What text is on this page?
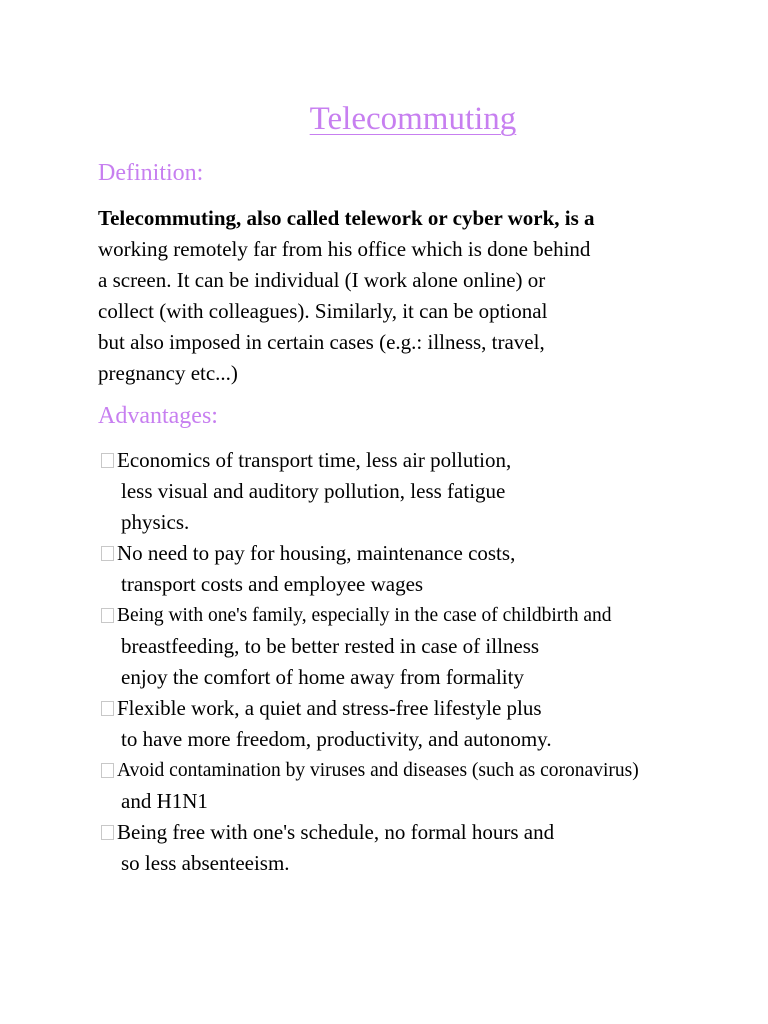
Telecommuting
Definition:
Telecommuting, also called telework or cyber work, is a
working remotely far from his office which is done behind
a screen. It can be individual (I work alone online) or
collect (with colleagues). Similarly, it can be optional
but also imposed in certain cases (e.g.: illness, travel,
pregnancy etc...)
Advantages:
Economics of transport time, less air pollution,
less visual and auditory pollution, less fatigue
physics.
No need to pay for housing, maintenance costs,
transport costs and employee wages
Being with one's family, especially in the case of childbirth and
breastfeeding, to be better rested in case of illness
enjoy the comfort of home away from formality
Flexible work, a quiet and stress-free lifestyle plus
to have more freedom, productivity, and autonomy.
Avoid contamination by viruses and diseases (such as coronavirus)
and H1N1
Being free with one's schedule, no formal hours and
so less absenteeism.
